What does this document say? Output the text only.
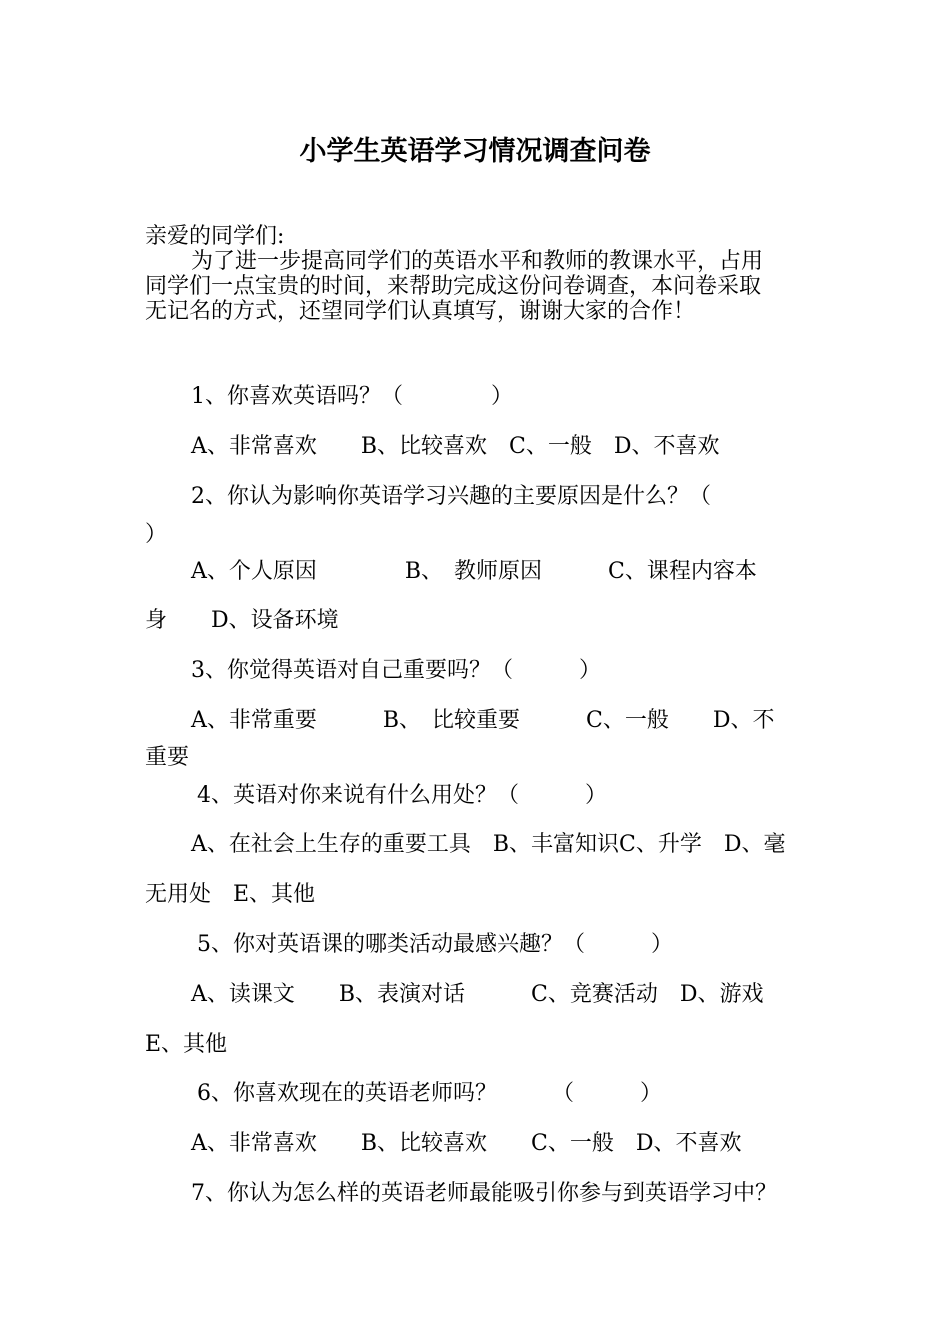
小学生英语学习情况调查问卷

亲爱的同学们:

为了进一步提高同学们的英语水平和教师的教课水平，占用

同学们一点宝贵的时间，来帮助完成这份问卷调查，本问卷采取

无记名的方式，还望同学们认真填写，谢谢大家的合作！

1、你喜欢英语吗？（　　　　）

A、非常喜欢　　B、比较喜欢　C、一般　D、不喜欢

2、你认为影响你英语学习兴趣的主要原因是什么？（

）

A、个人原因　　　　B、　教师原因　　　C、课程内容本

身　　D、设备环境

3、你觉得英语对自己重要吗？（　　　）

A、非常重要　　　B、　比较重要　　　C、一般　　D、不

重要

4、英语对你来说有什么用处？（　　　）

A、在社会上生存的重要工具　B、丰富知识C、升学　D、毫

无用处　E、其他

5、你对英语课的哪类活动最感兴趣？（　　　）

A、读课文　　B、表演对话　　　C、竞赛活动　D、游戏

E、其他

6、你喜欢现在的英语老师吗？　　　（　　　）

A、非常喜欢　　B、比较喜欢　　C、一般　D、不喜欢

7、你认为怎么样的英语老师最能吸引你参与到英语学习中？
